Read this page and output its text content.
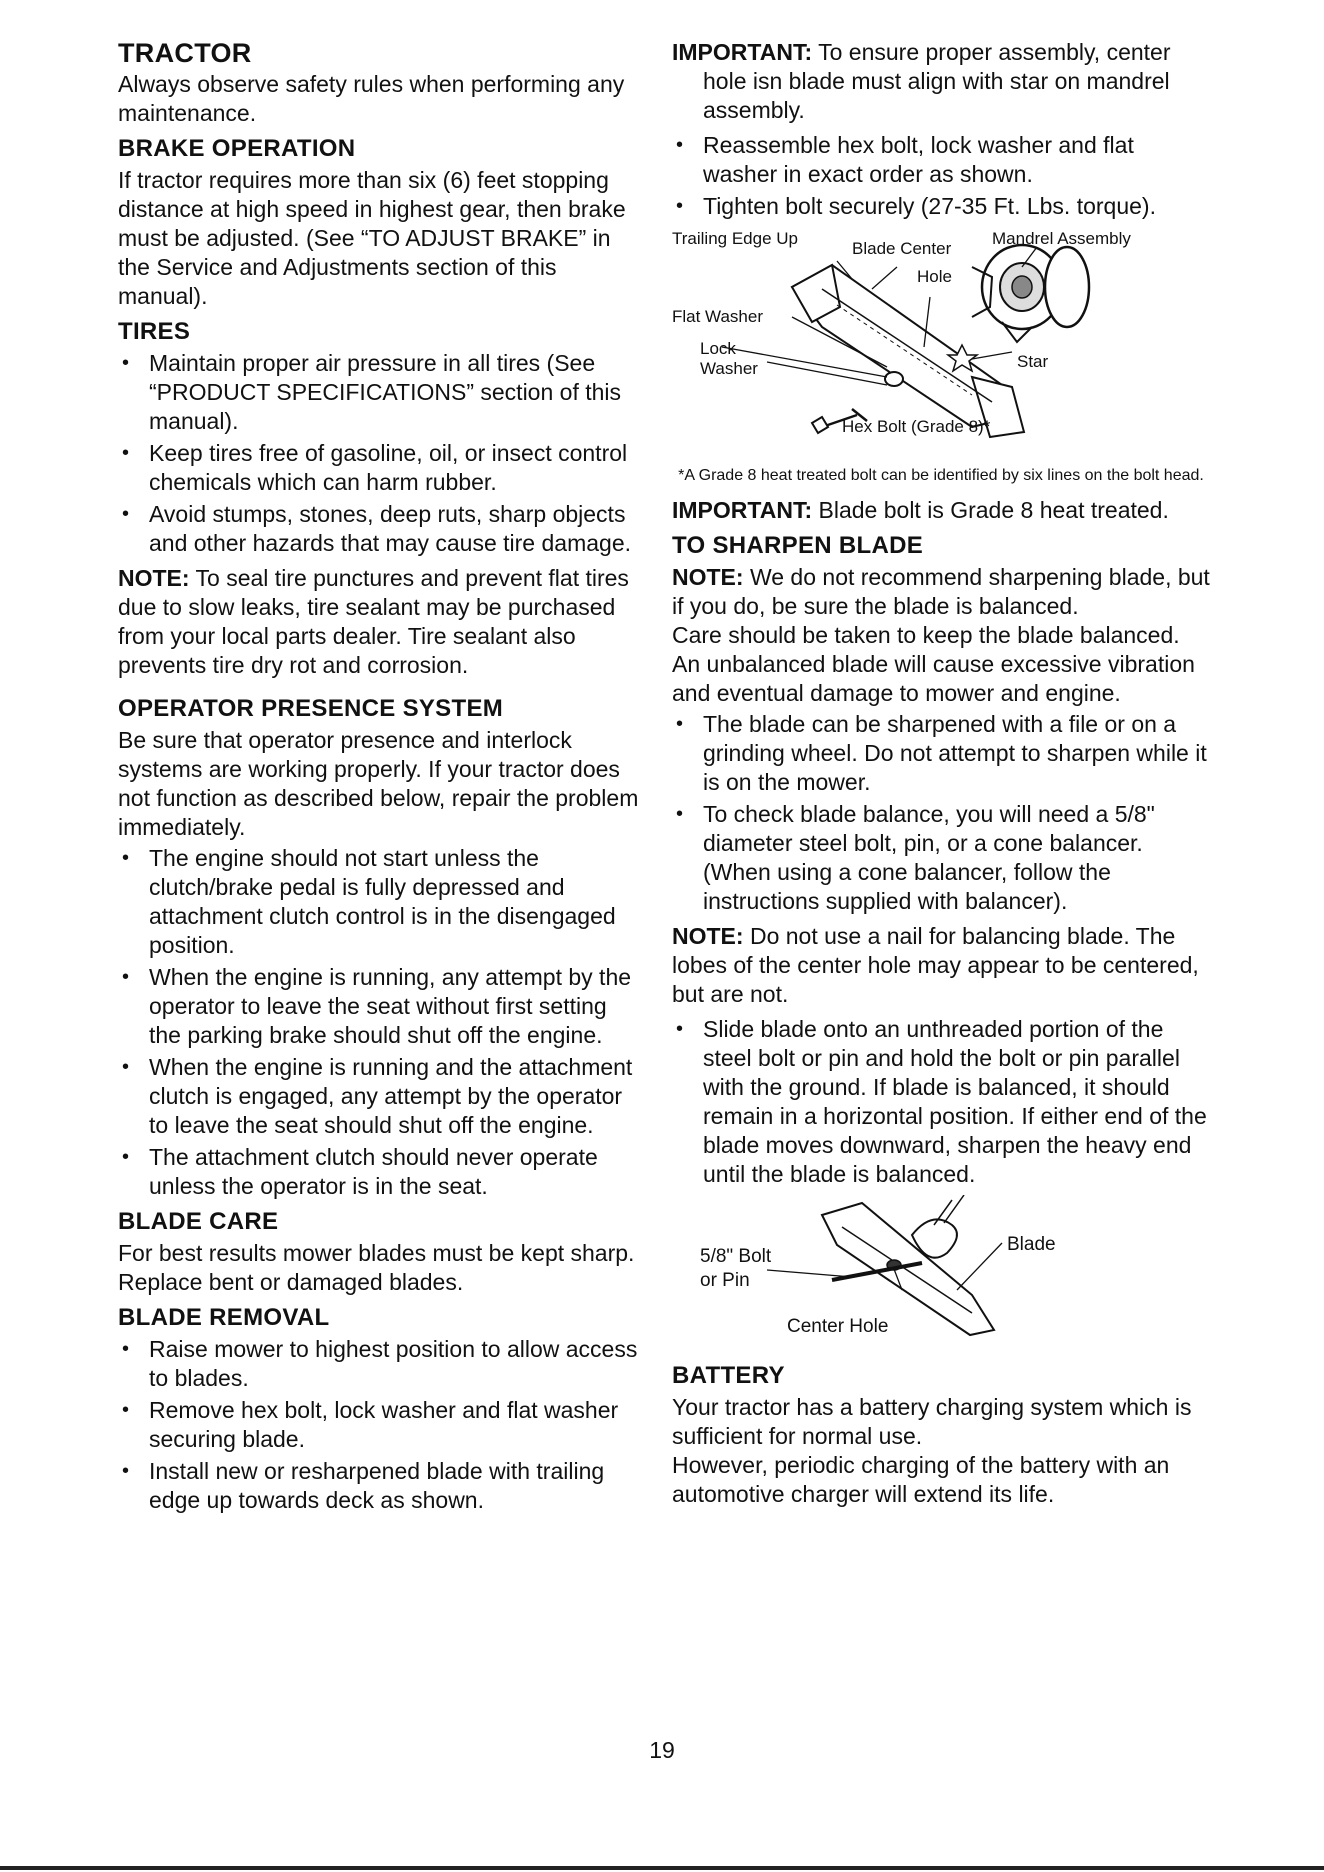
TRACTOR

Always observe safety rules when performing any maintenance.

BRAKE OPERATION

If tractor requires more than six (6) feet stopping distance at high speed in highest gear, then brake must be adjusted. (See “TO ADJUST BRAKE” in the Service and Adjustments section of this manual).

TIRES
• Maintain proper air pressure in all tires (See “PRODUCT SPECIFICATIONS” section of this manual).
• Keep tires free of gasoline, oil, or insect control chemicals which can harm rubber.
• Avoid stumps, stones, deep ruts, sharp objects and other hazards that may cause tire damage.

NOTE: To seal tire punctures and prevent flat tires due to slow leaks, tire sealant may be purchased from your local parts dealer. Tire sealant also prevents tire dry rot and corrosion.

OPERATOR PRESENCE SYSTEM

Be sure that operator presence and interlock systems are working properly. If your tractor does not function as described below, repair the problem immediately.

• The engine should not start unless the clutch/brake pedal is fully depressed and attachment clutch control is in the disengaged position.
• When the engine is running, any attempt by the operator to leave the seat without first setting the parking brake should shut off the engine.
• When the engine is running and the attachment clutch is engaged, any attempt by the operator to leave the seat should shut off the engine.
• The attachment clutch should never operate unless the operator is in the seat.
BLADE CARE

For best results mower blades must be kept sharp. Replace bent or damaged blades.

BLADE REMOVAL
• Raise mower to highest position to allow access to blades.
• Remove hex bolt, lock washer and flat washer securing blade.
• Install new or resharpened blade with trailing edge up towards deck as shown.

IMPORTANT: To ensure proper assembly, center hole isn blade must align with star on mandrel assembly.

• Reassemble hex bolt, lock washer and flat washer in exact order as shown.
• Tighten bolt securely (27-35 Ft. Lbs. torque).
Trailing Edge Up
Blade Center
Hole
Mandrel Assembly
Flat Washer
Lock
Washer	Star
Hex Bolt (Grade 8)*

*A Grade 8 heat treated bolt can be identified by six lines on the bolt head.

IMPORTANT: Blade bolt is Grade 8 heat treated.

TO SHARPEN BLADE

NOTE: We do not recommend sharpening blade, but if you do, be sure the blade is balanced.

Care should be taken to keep the blade balanced. An unbalanced blade will cause excessive vibration and eventual damage to mower and engine.

• The blade can be sharpened with a file or on a grinding wheel. Do not attempt to sharpen while it is on the mower.
• To check blade balance, you will need a 5/8" diameter steel bolt, pin, or a cone balancer. (When using a cone balancer, follow the instructions supplied with balancer).

NOTE: Do not use a nail for balancing blade. The lobes of the center hole may appear to be centered, but are not.

• Slide blade onto an unthreaded portion of the steel bolt or pin and hold the bolt or pin parallel with the ground. If blade is balanced, it should remain in a horizontal position. If either end of the blade moves downward, sharpen the heavy end until the blade is balanced.
5/8" Bolt
or Pin
Blade
Center Hole
BATTERY

Your tractor has a battery charging system which is sufficient for normal use.

However, periodic charging of the battery with an automotive charger will extend its life.

19
